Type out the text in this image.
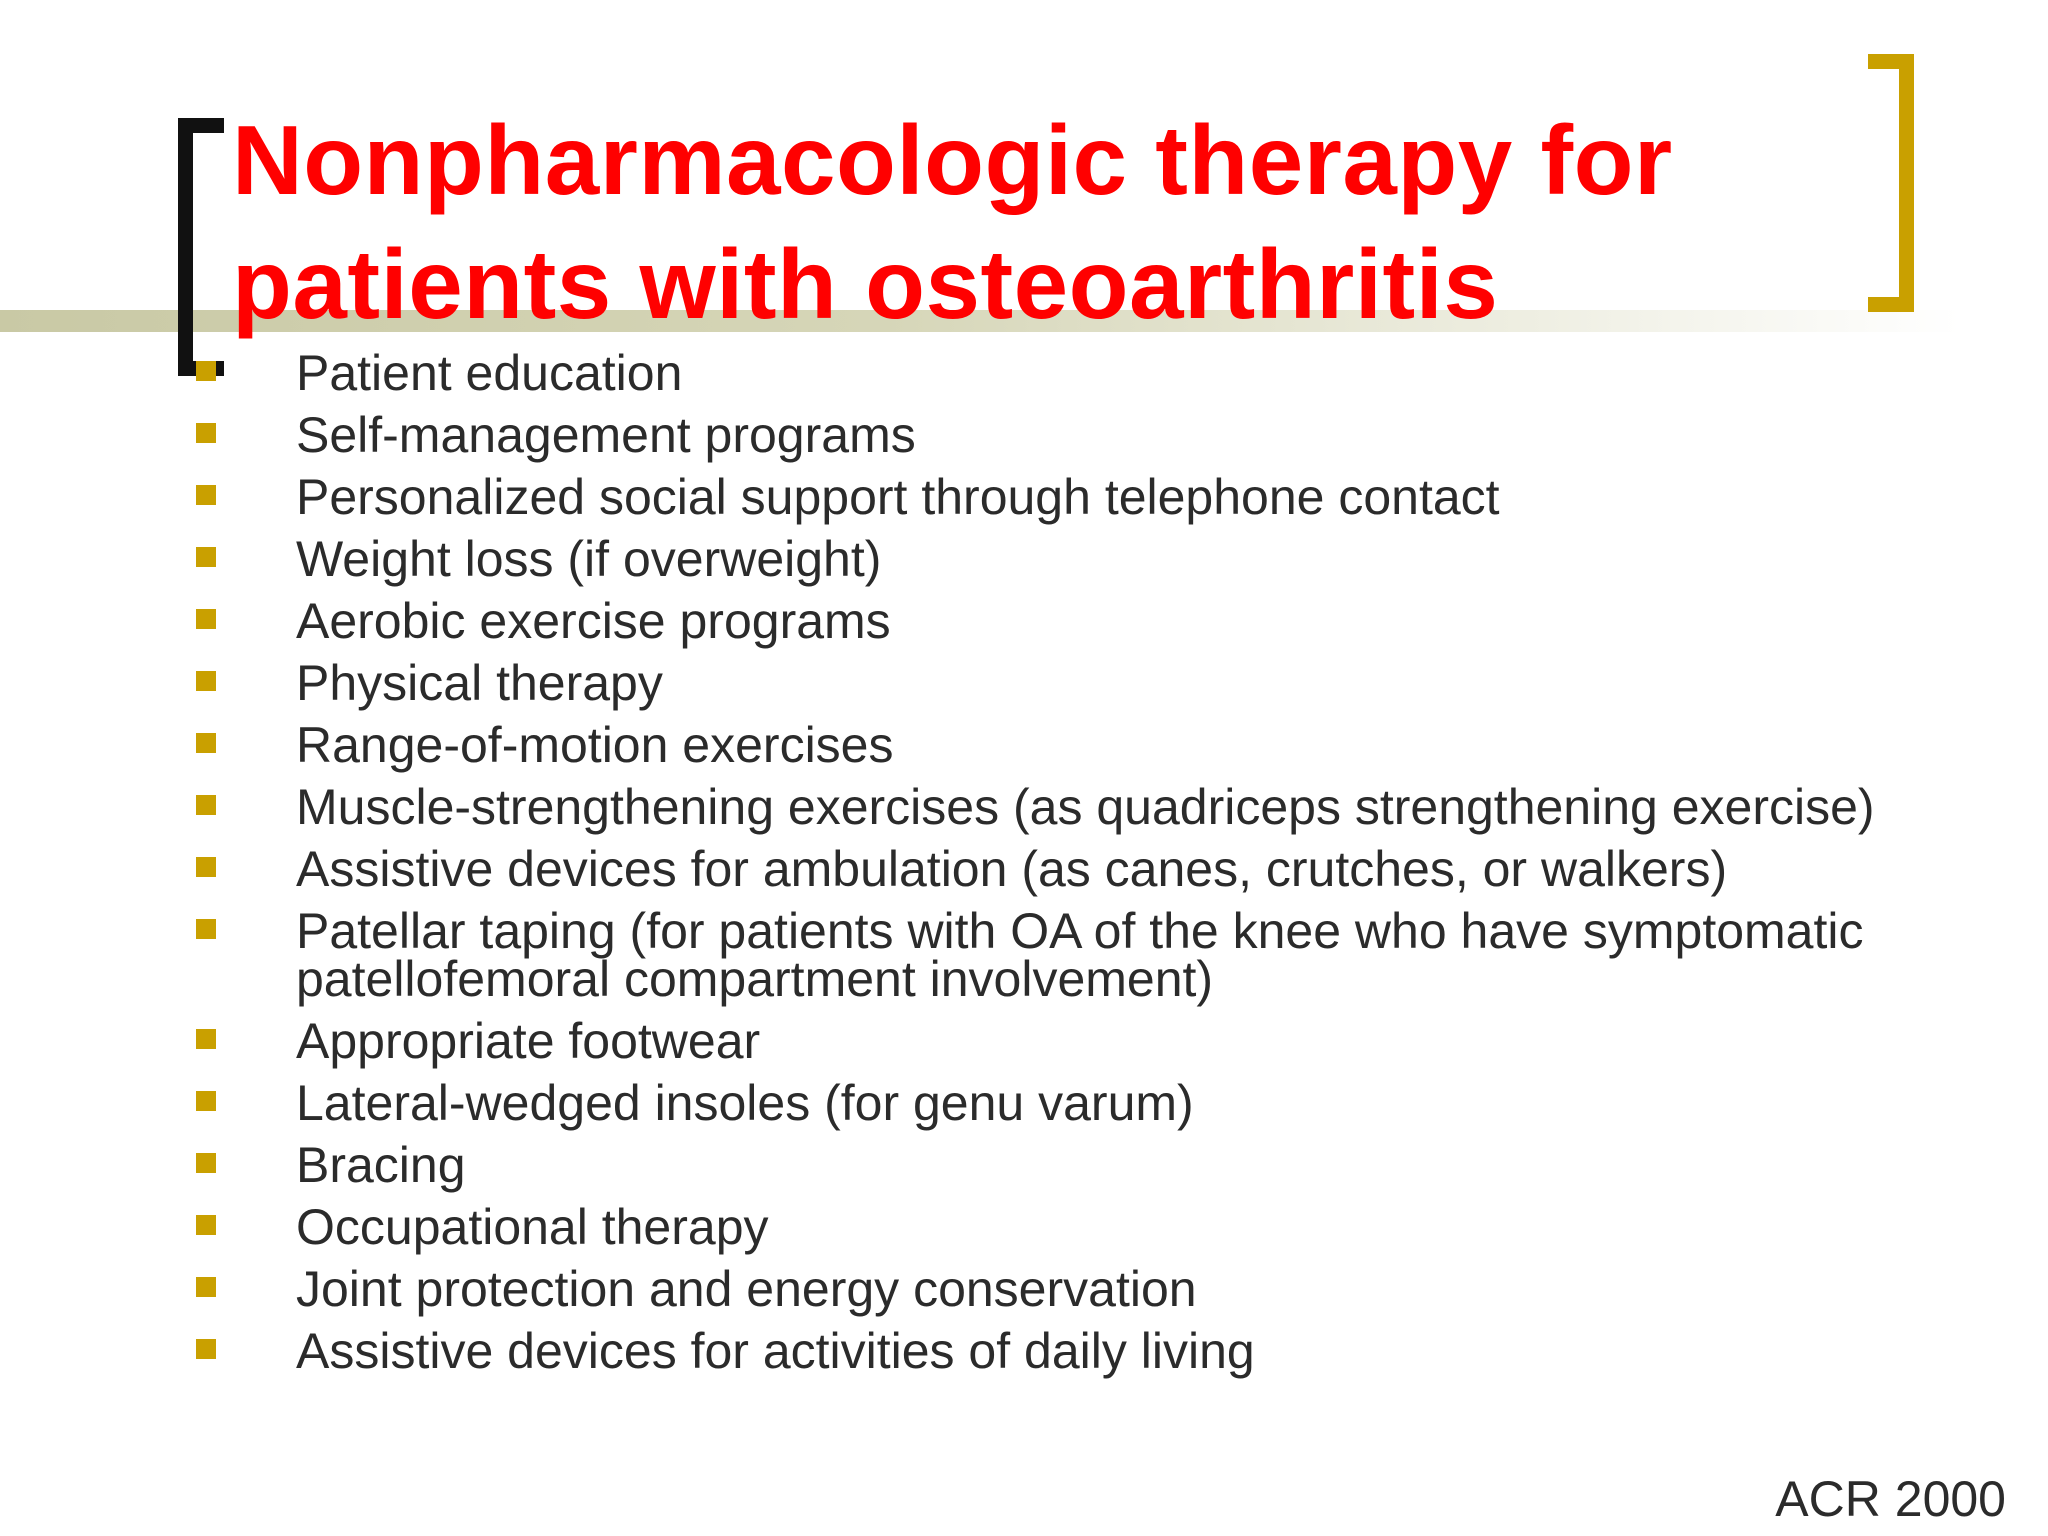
Nonpharmacologic therapy for patients with osteoarthritis
Patient education
Self-management programs
Personalized social support through telephone contact
Weight loss (if overweight)
Aerobic exercise programs
Physical therapy
Range-of-motion exercises
Muscle-strengthening exercises (as quadriceps strengthening exercise)
Assistive devices for ambulation (as canes, crutches, or walkers)
Patellar taping (for patients with OA of the knee who have symptomatic patellofemoral compartment involvement)
Appropriate footwear
Lateral-wedged insoles (for genu varum)
Bracing
Occupational therapy
Joint protection and energy conservation
Assistive devices for activities of daily living
ACR 2000
